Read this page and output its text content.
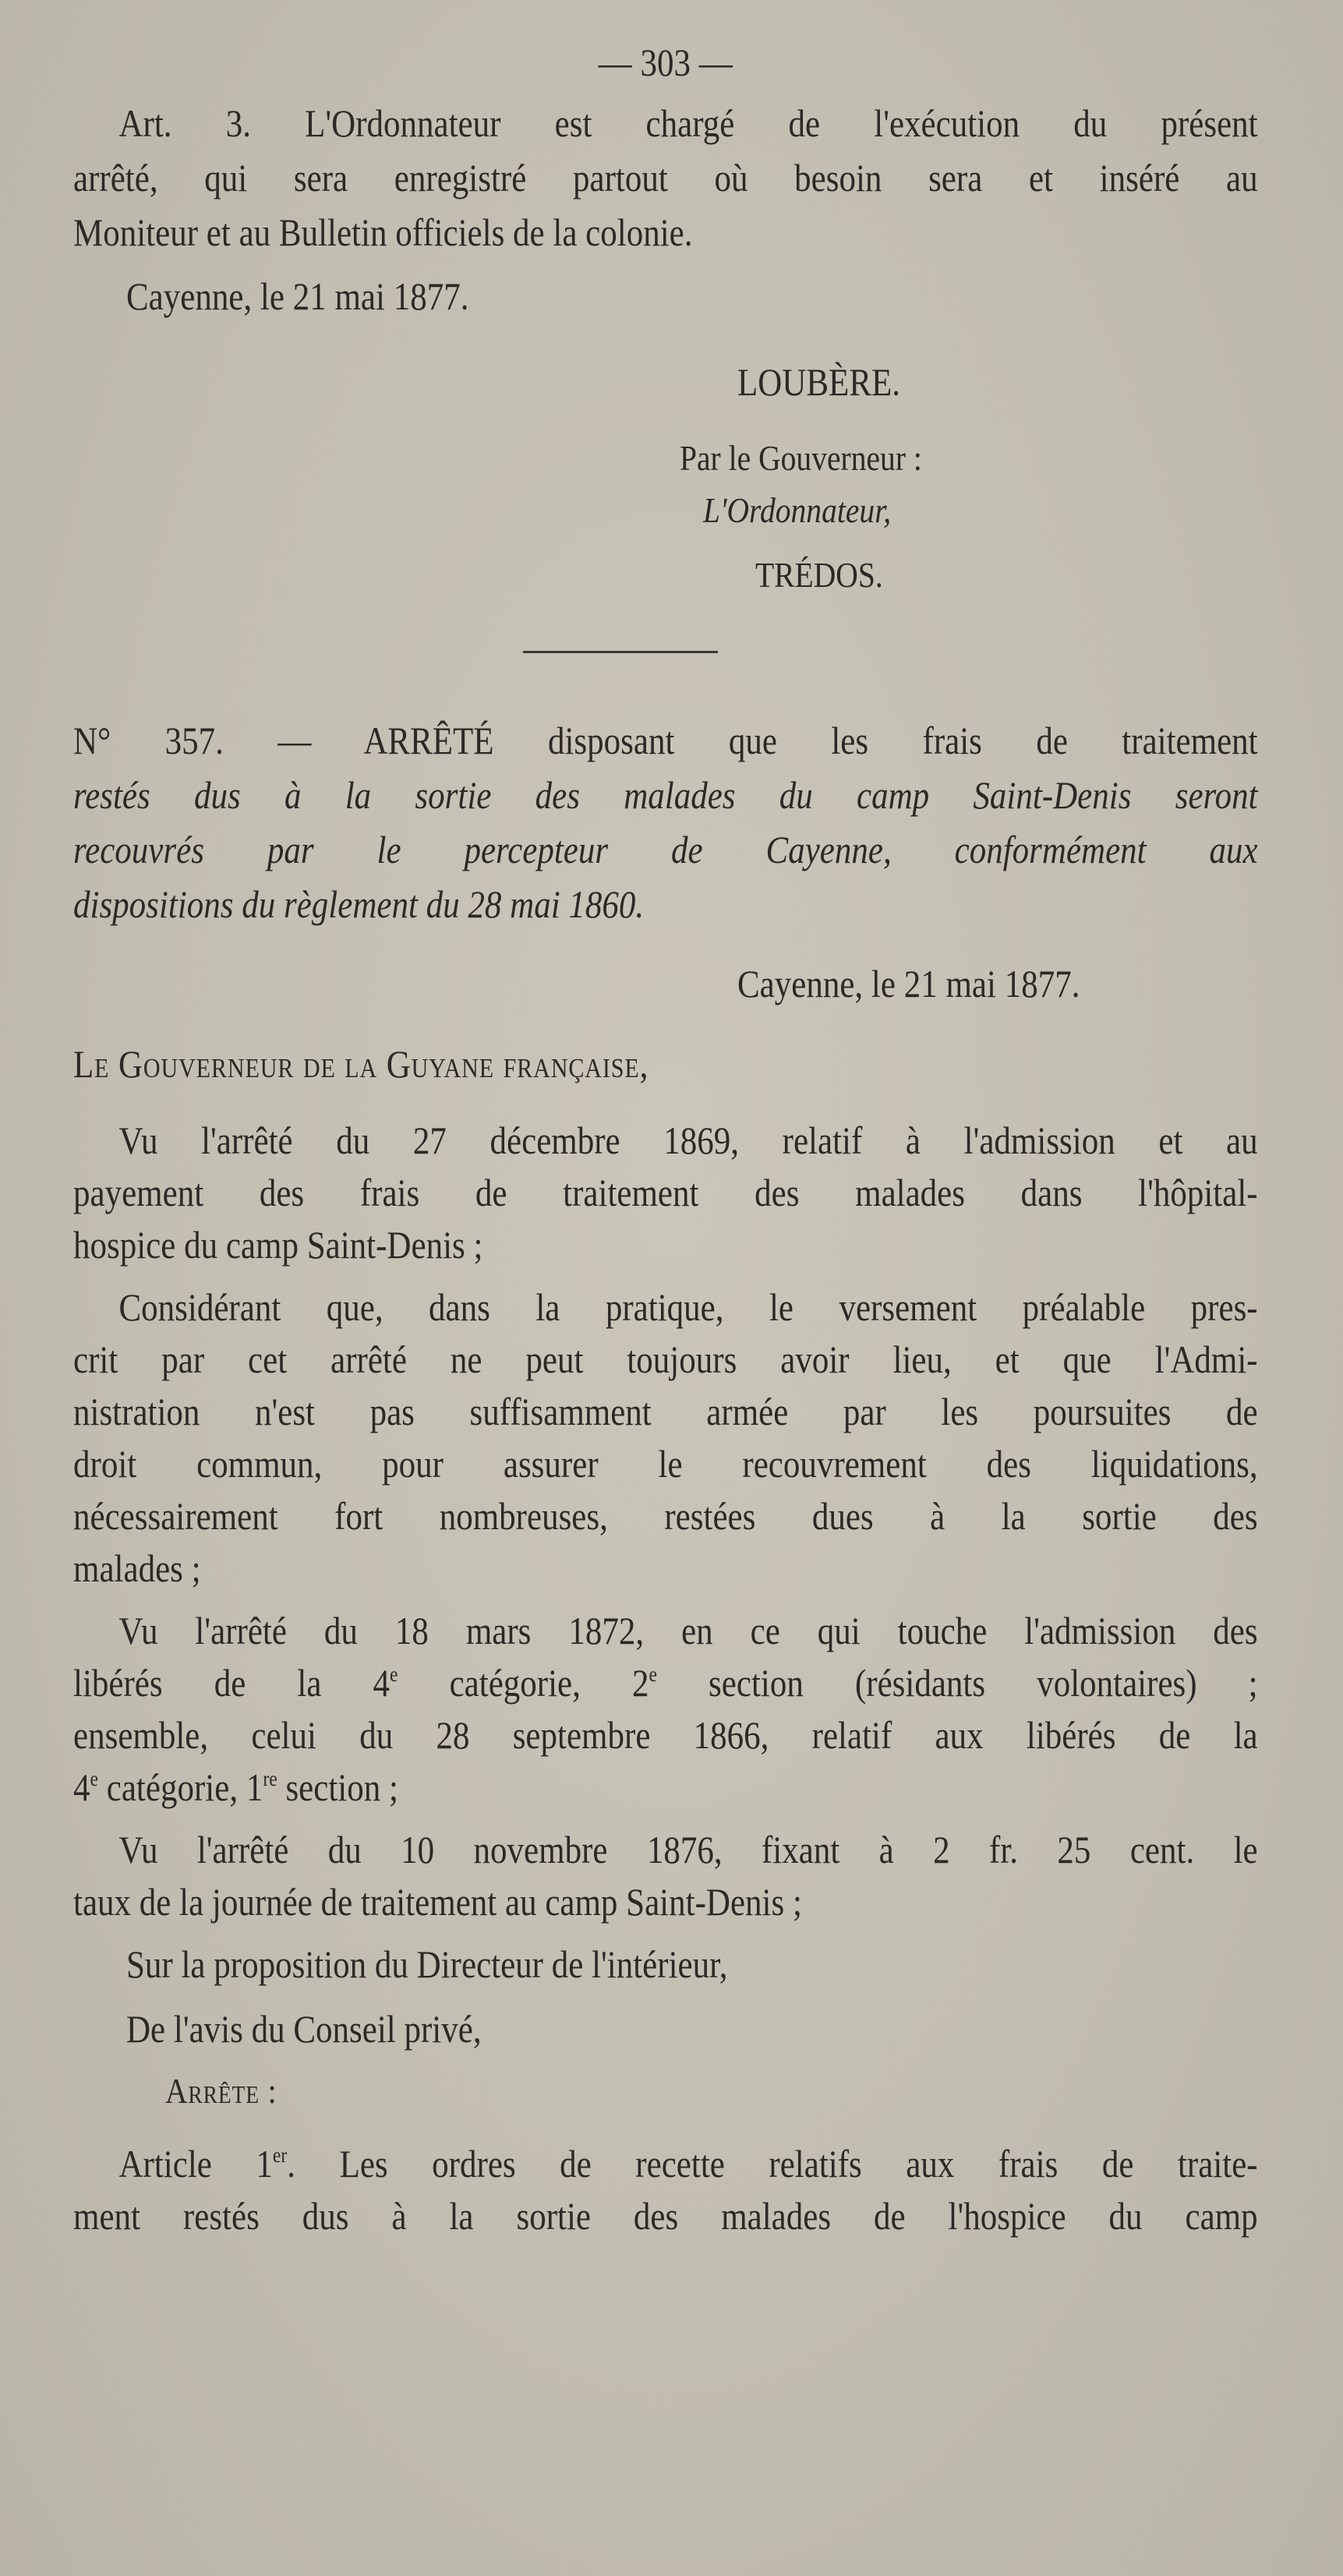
— 303 —
Art. 3. L'Ordonnateur est chargé de l'exécution du présent
arrêté, qui sera enregistré partout où besoin sera et inséré au
Moniteur et au Bulletin officiels de la colonie.
Cayenne, le 21 mai 1877.
LOUBÈRE.
Par le Gouverneur :
L'Ordonnateur,
TRÉDOS.
N° 357. — ARRÊTÉ disposant que les frais de traitement
restés dus à la sortie des malades du camp Saint-Denis seront
recouvrés par le percepteur de Cayenne, conformément aux
dispositions du règlement du 28 mai 1860.
Cayenne, le 21 mai 1877.
Le Gouverneur de la Guyane française,
Vu l'arrêté du 27 décembre 1869, relatif à l'admission et au
payement des frais de traitement des malades dans l'hôpital-
hospice du camp Saint-Denis ;
Considérant que, dans la pratique, le versement préalable pres-
crit par cet arrêté ne peut toujours avoir lieu, et que l'Admi-
nistration n'est pas suffisamment armée par les poursuites de
droit commun, pour assurer le recouvrement des liquidations,
nécessairement fort nombreuses, restées dues à la sortie des
malades ;
Vu l'arrêté du 18 mars 1872, en ce qui touche l'admission des
libérés de la 4e catégorie, 2e section (résidants volontaires) ;
ensemble, celui du 28 septembre 1866, relatif aux libérés de la
4e catégorie, 1re section ;
Vu l'arrêté du 10 novembre 1876, fixant à 2 fr. 25 cent. le
taux de la journée de traitement au camp Saint-Denis ;
Sur la proposition du Directeur de l'intérieur,
De l'avis du Conseil privé,
Arrête :
Article 1er. Les ordres de recette relatifs aux frais de traite-
ment restés dus à la sortie des malades de l'hospice du camp
